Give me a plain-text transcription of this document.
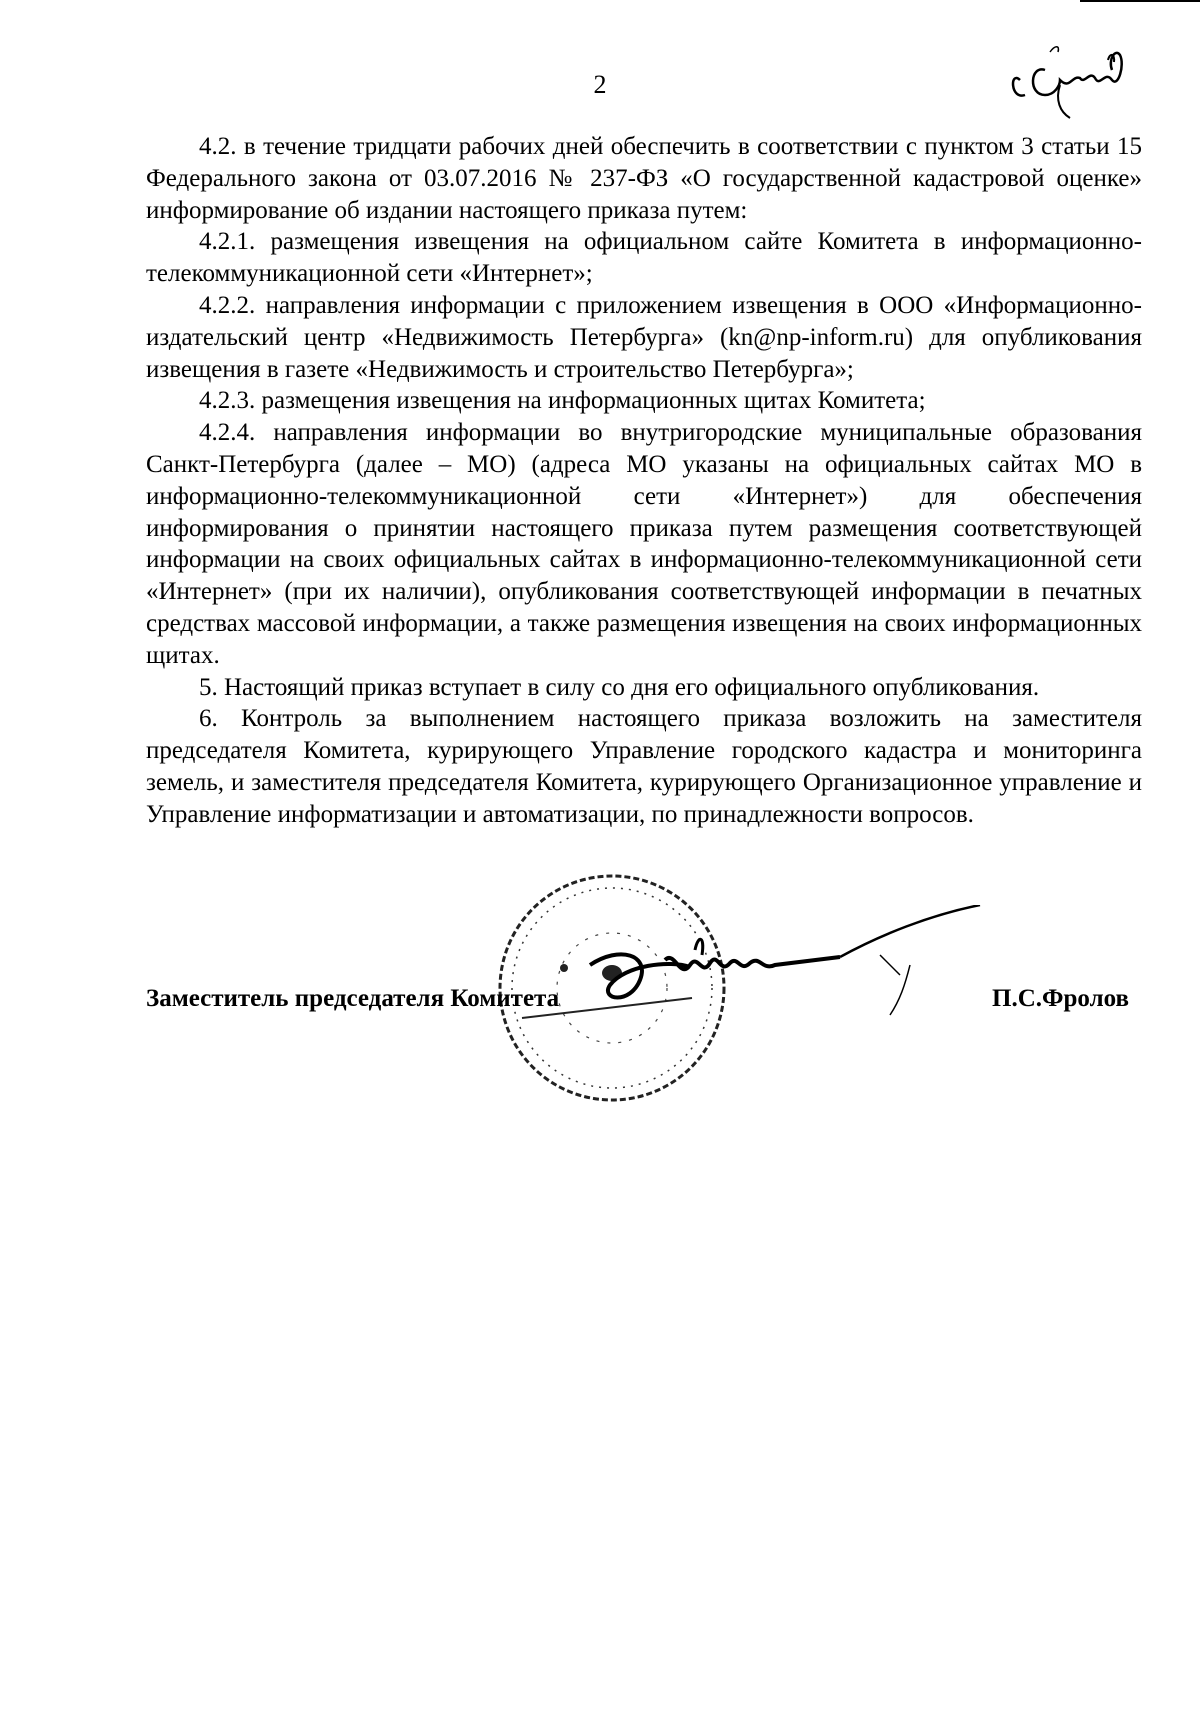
2

4.2. в течение тридцати рабочих дней обеспечить в соответствии с пунктом 3 статьи 15 Федерального закона от 03.07.2016 № 237-ФЗ «О государственной кадастровой оценке» информирование об издании настоящего приказа путем:

4.2.1. размещения извещения на официальном сайте Комитета в информационно-телекоммуникационной сети «Интернет»;

4.2.2. направления информации с приложением извещения в ООО «Информационно-издательский центр «Недвижимость Петербурга» (kn@np-inform.ru) для опубликования извещения в газете «Недвижимость и строительство Петербурга»;

4.2.3. размещения извещения на информационных щитах Комитета;

4.2.4. направления информации во внутригородские муниципальные образования Санкт-Петербурга (далее – МО) (адреса МО указаны на официальных сайтах МО в информационно-телекоммуникационной сети «Интернет») для обеспечения информирования о принятии настоящего приказа путем размещения соответствующей информации на своих официальных сайтах в информационно-телекоммуникационной сети «Интернет» (при их наличии), опубликования соответствующей информации в печатных средствах массовой информации, а также размещения извещения на своих информационных щитах.

5. Настоящий приказ вступает в силу со дня его официального опубликования.

6. Контроль за выполнением настоящего приказа возложить на заместителя председателя Комитета, курирующего Управление городского кадастра и мониторинга земель, и заместителя председателя Комитета, курирующего Организационное управление и Управление информатизации и автоматизации, по принадлежности вопросов.

Заместитель председателя Комитета	П.С.Фролов
